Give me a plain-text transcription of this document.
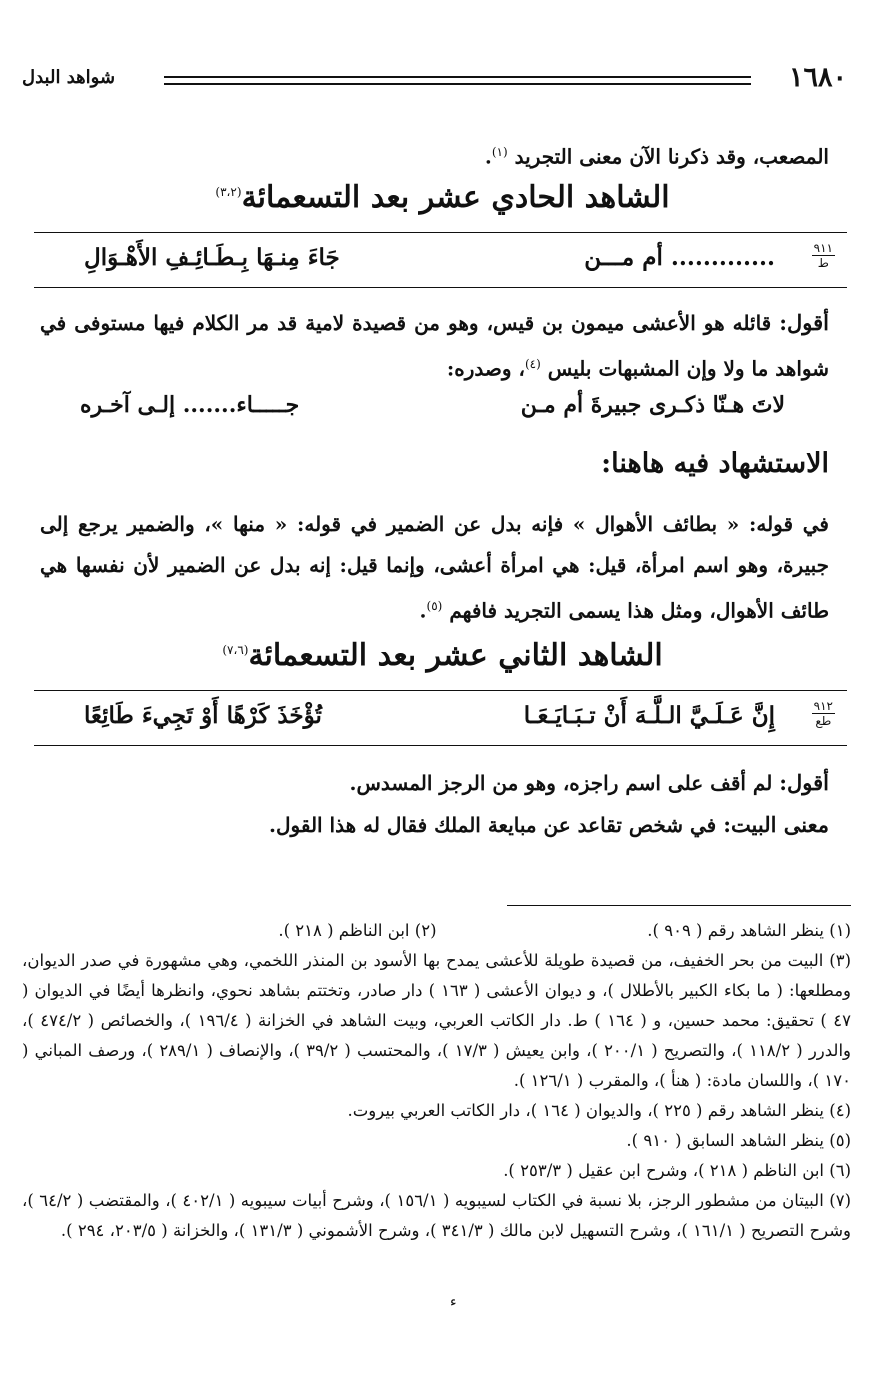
١٦٨٠
شواهد البدل

المصعب، وقد ذكرنا الآن معنى التجريد $^{(١)}$.

الشاهد الحادي عشر بعد التسعمائة$^{(٣،٢)}$
٩١١
ط
............. أم مـــن
جَاءَ مِنـهَا بِـطَـائِـفِ الأَهْـوَالِ

أقول: قائله هو الأعشى ميمون بن قيس، وهو من قصيدة لامية قد مر الكلام فيها مستوفى في شواهد ما ولا وإن المشبهات بليس $^{(٤)}$، وصدره:

لاتَ هـنّا ذكـرى جبيرةَ أم مـن
جـــــاء....... إلـى آخـره
الاستشهاد فيه هاهنا:

في قوله: « بطائف الأهوال » فإنه بدل عن الضمير في قوله: « منها »، والضمير يرجع إلى جبيرة، وهو اسم امرأة، قيل: هي امرأة أعشى، وإنما قيل: إنه بدل عن الضمير لأن نفسها هي طائف الأهوال، ومثل هذا يسمى التجريد فافهم $^{(٥)}$.

الشاهد الثاني عشر بعد التسعمائة$^{(٧،٦)}$
٩١٢
طع
إِنَّ عَـلَـيَّ الـلَّـهَ أَنْ تـبَـايَـعَـا
تُؤْخَذَ كَرْهًا أَوْ تَجِيءَ طَائِعًا

أقول: لم أقف على اسم راجزه، وهو من الرجز المسدس.

معنى البيت: في شخص تقاعد عن مبايعة الملك فقال له هذا القول.

(١) ينظر الشاهد رقم ( ٩٠٩ ).

(٢) ابن الناظم ( ٢١٨ ).

(٣) البيت من بحر الخفيف، من قصيدة طويلة للأعشى يمدح بها الأسود بن المنذر اللخمي، وهي مشهورة في صدر الديوان، ومطلعها: ( ما بكاء الكبير بالأطلال )، و ديوان الأعشى ( ١٦٣ ) دار صادر، وتختتم بشاهد نحوي، وانظرها أيضًا في الديوان ( ٤٧ ) تحقيق: محمد حسين، و ( ١٦٤ ) ط. دار الكاتب العربي، وبيت الشاهد في الخزانة ( ١٩٦/٤ )، والخصائص ( ٤٧٤/٢ )، والدرر ( ١١٨/٢ )، والتصريح ( ٢٠٠/١ )، وابن يعيش ( ١٧/٣ )، والمحتسب ( ٣٩/٢ )، والإنصاف ( ٢٨٩/١ )، ورصف المباني ( ١٧٠ )، واللسان مادة: ( هنأ )، والمقرب ( ١٢٦/١ ).

(٤) ينظر الشاهد رقم ( ٢٢٥ )، والديوان ( ١٦٤ )، دار الكاتب العربي بيروت.

(٥) ينظر الشاهد السابق ( ٩١٠ ).

(٦) ابن الناظم ( ٢١٨ )، وشرح ابن عقيل ( ٢٥٣/٣ ).

(٧) البيتان من مشطور الرجز، بلا نسبة في الكتاب لسيبويه ( ١٥٦/١ )، وشرح أبيات سيبويه ( ٤٠٢/١ )، والمقتضب ( ٦٤/٢ )، وشرح التصريح ( ١٦١/١ )، وشرح التسهيل لابن مالك ( ٣٤١/٣ )، وشرح الأشموني ( ١٣١/٣ )، والخزانة ( ٢٠٣/٥، ٢٩٤ ).

ء
